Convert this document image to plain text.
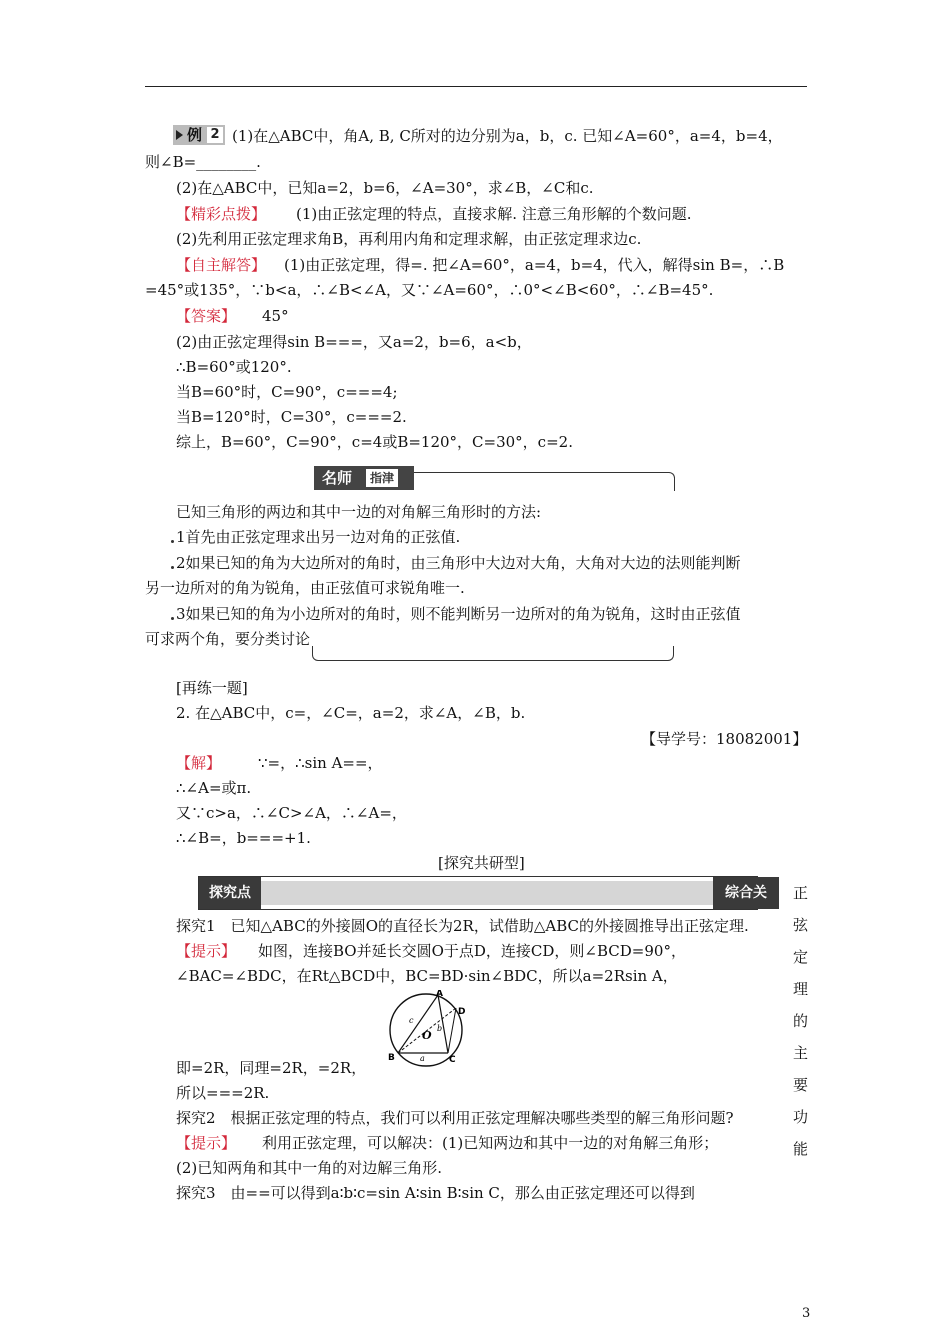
例 2 (1)在△ABC中，角A, B, C所对的边分别为a，b，c. 已知∠A=60°，a=4，b=4，
则∠B=________.
(2)在△ABC中，已知a=2，b=6，∠A=30°，求∠B，∠C和c.
【精彩点拨】 (1)由正弦定理的特点，直接求解. 注意三角形解的个数问题.
(2)先利用正弦定理求角B，再利用内角和定理求解，由正弦定理求边c.
【自主解答】 (1)由正弦定理，得=. 把∠A=60°，a=4，b=4，代入，解得sin B=，∴B
=45°或135°，∵b<a，∴∠B<∠A，又∵∠A=60°，∴0°<∠B<60°，∴∠B=45°.
【答案】 45°
(2)由正弦定理得sin B===，又a=2，b=6，a<b，
∴B=60°或120°.
当B=60°时，C=90°，c===4;
当B=120°时，C=30°，c===2.
综上，B=60°，C=90°，c=4或B=120°，C=30°，c=2.
名师	指津
已知三角形的两边和其中一边的对角解三角形时的方法:
1首先由正弦定理求出另一边对角的正弦值.
2如果已知的角为大边所对的角时，由三角形中大边对大角，大角对大边的法则能判断
另一边所对的角为锐角，由正弦值可求锐角唯一.
3如果已知的角为小边所对的角时，则不能判断另一边所对的角为锐角，这时由正弦值
可求两个角，要分类讨论
[再练一题]
2. 在△ABC中，c=，∠C=，a=2，求∠A，∠B，b.
【导学号：18082001】
【解】 ∵=，∴sin A==，
∴∠A=或π.
又∵c>a，∴∠C>∠A，∴∠A=，
∴∠B=，b===+1.
[探究共研型]
探究点	综合关	正弦定理的主要功能
探究1　已知△ABC的外接圆O的直径长为2R，试借助△ABC的外接圆推导出正弦定理.
【提示】 如图，连接BO并延长交圆O于点D，连接CD，则∠BCD=90°，
∠BAC=∠BDC，在Rt△BCD中，BC=BD·sin∠BDC，所以a=2Rsin A，
A
B	C
D
O
a
b
c
即=2R，同理=2R，=2R，
所以===2R.
探究2　根据正弦定理的特点，我们可以利用正弦定理解决哪些类型的解三角形问题?
【提示】 利用正弦定理，可以解决：(1)已知两边和其中一边的对角解三角形；
(2)已知两角和其中一角的对边解三角形.
探究3　由==可以得到a∶b∶c=sin A∶sin B∶sin C，那么由正弦定理还可以得到
3
